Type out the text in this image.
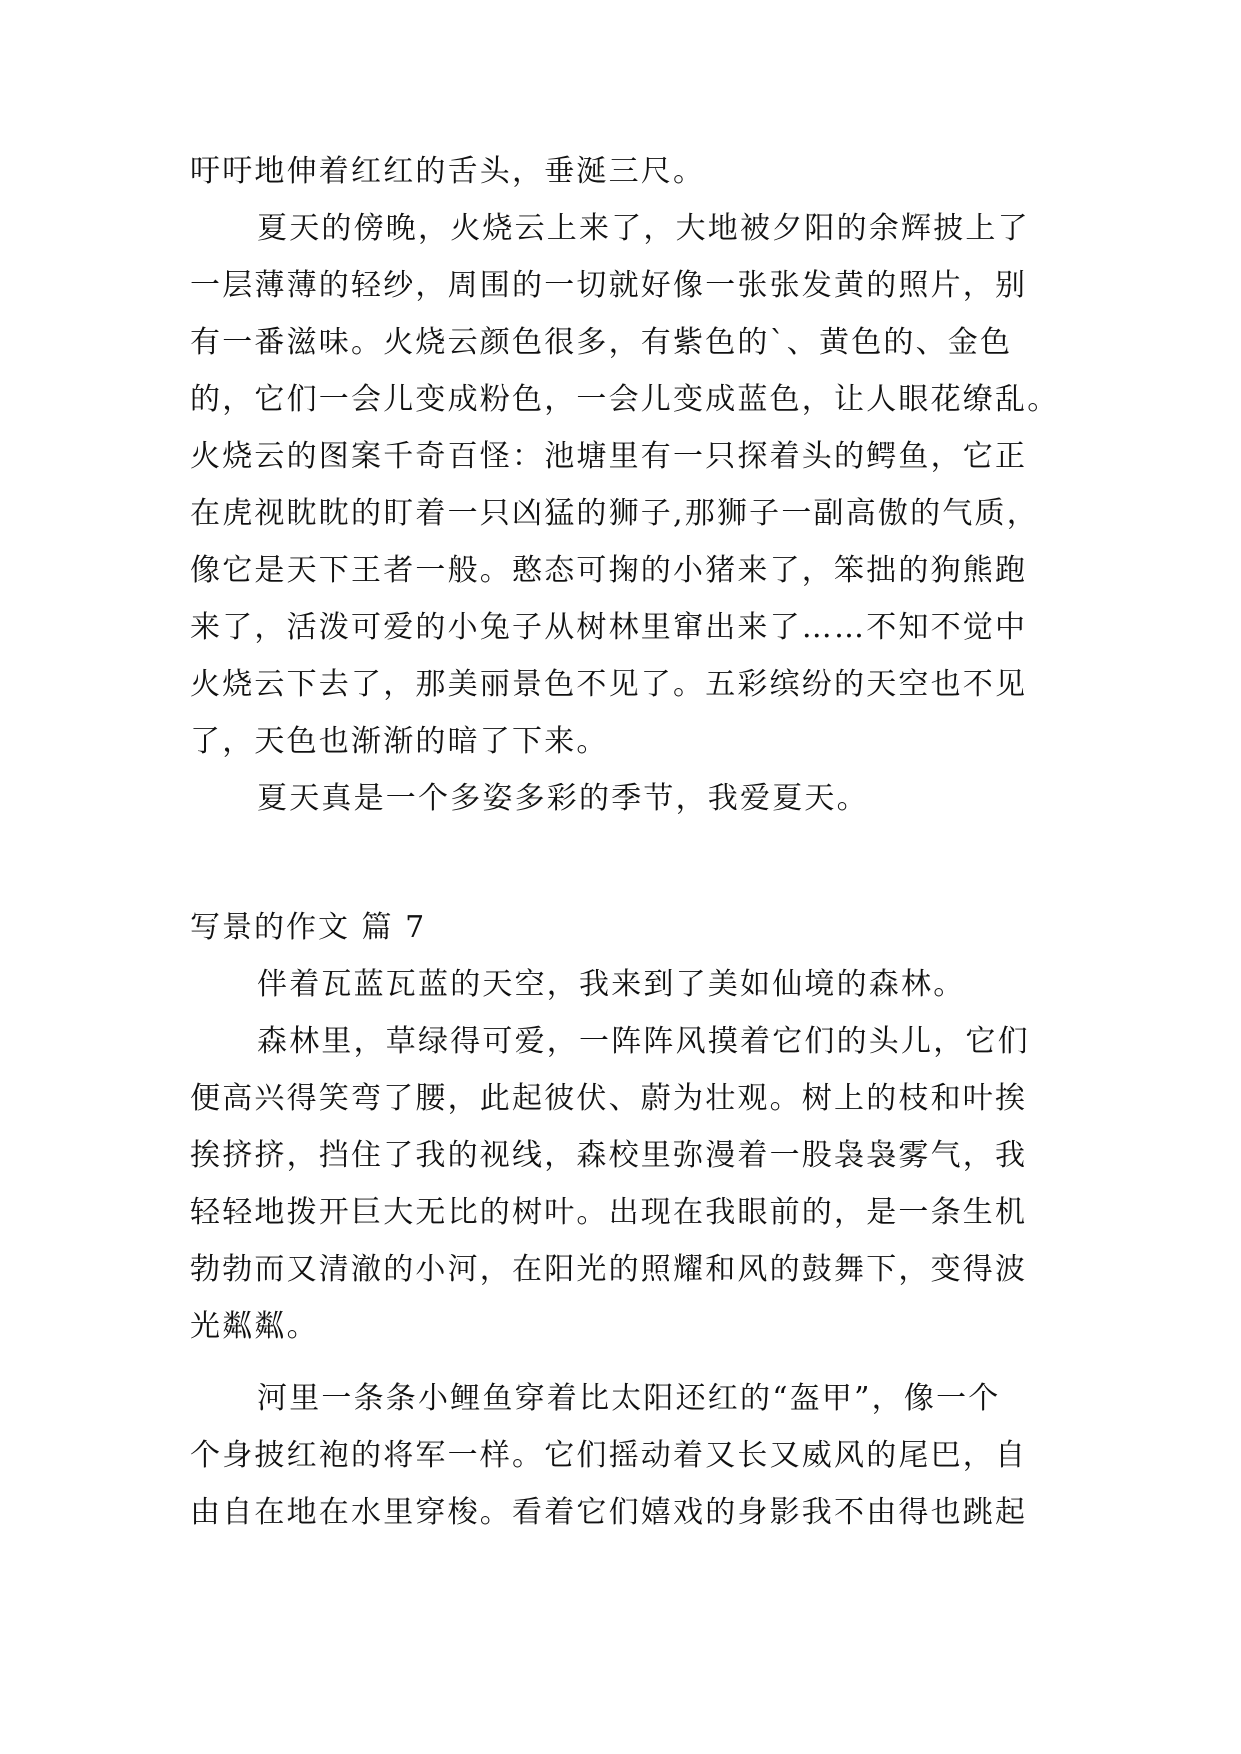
吁吁地伸着红红的舌头，垂涎三尺。
夏天的傍晚，火烧云上来了，大地被夕阳的余辉披上了
一层薄薄的轻纱，周围的一切就好像一张张发黄的照片，别
有一番滋味。火烧云颜色很多，有紫色的`、黄色的、金色
的，它们一会儿变成粉色，一会儿变成蓝色，让人眼花缭乱。
火烧云的图案千奇百怪：池塘里有一只探着头的鳄鱼，它正
在虎视眈眈的盯着一只凶猛的狮子,那狮子一副高傲的气质，
像它是天下王者一般。憨态可掬的小猪来了，笨拙的狗熊跑
来了，活泼可爱的小兔子从树林里窜出来了……不知不觉中
火烧云下去了，那美丽景色不见了。五彩缤纷的天空也不见
了，天色也渐渐的暗了下来。
夏天真是一个多姿多彩的季节，我爱夏天。
写景的作文 篇 7
伴着瓦蓝瓦蓝的天空，我来到了美如仙境的森林。
森林里，草绿得可爱，一阵阵风摸着它们的头儿，它们
便高兴得笑弯了腰，此起彼伏、蔚为壮观。树上的枝和叶挨
挨挤挤，挡住了我的视线，森校里弥漫着一股袅袅雾气，我
轻轻地拨开巨大无比的树叶。出现在我眼前的，是一条生机
勃勃而又清澈的小河，在阳光的照耀和风的鼓舞下，变得波
光粼粼。
河里一条条小鲤鱼穿着比太阳还红的“盔甲”，像一个
个身披红袍的将军一样。它们摇动着又长又威风的尾巴，自
由自在地在水里穿梭。看着它们嬉戏的身影我不由得也跳起
